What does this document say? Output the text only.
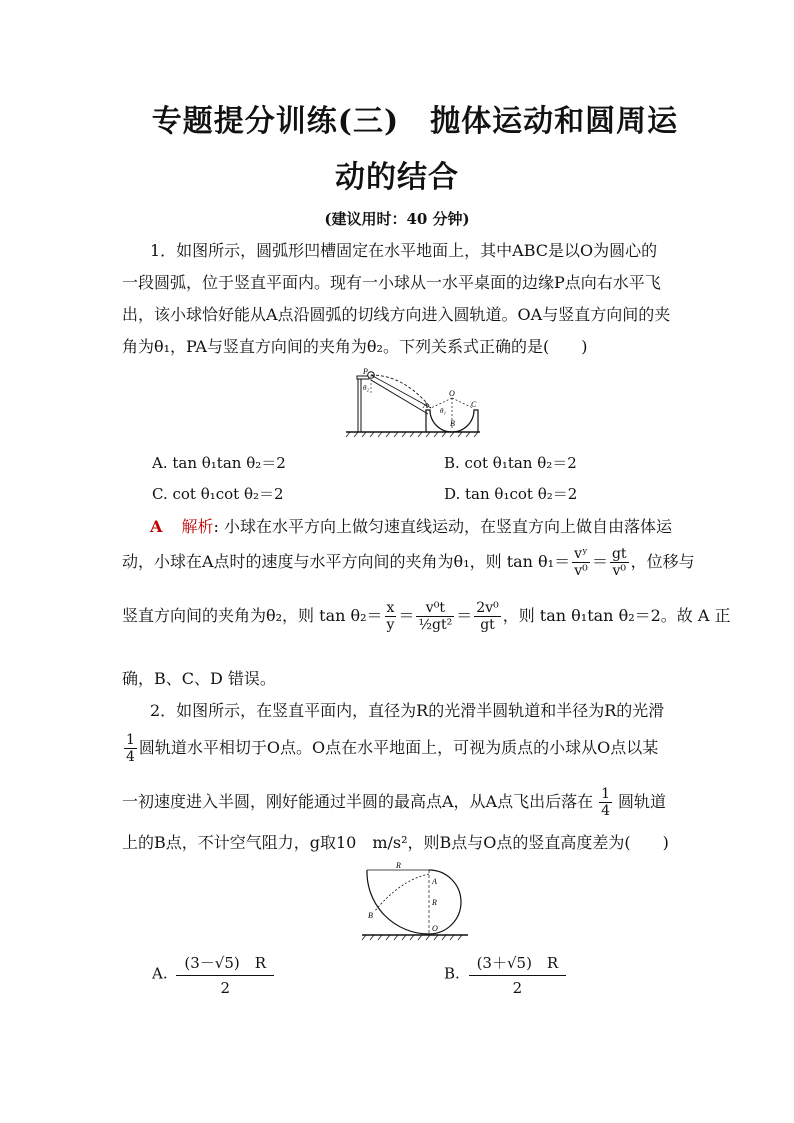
专题提分训练(三)　抛体运动和圆周运
动的结合
(建议用时：40 分钟)
1．如图所示，圆弧形凹槽固定在水平地面上，其中ABC是以O为圆心的
一段圆弧，位于竖直平面内。现有一小球从一水平桌面的边缘P点向右水平飞
出，该小球恰好能从A点沿圆弧的切线方向进入圆轨道。OA与竖直方向间的夹
角为θ₁，PA与竖直方向间的夹角为θ₂。下列关系式正确的是(　　)
P
θ₂
O
A
θ₁
B
C
A. tan θ₁tan θ₂＝2	B. cot θ₁tan θ₂＝2
C. cot θ₁cot θ₂＝2	D. tan θ₁cot θ₂＝2
A 解析: 小球在水平方向上做匀速直线运动，在竖直方向上做自由落体运
动，小球在A点时的速度与水平方向间的夹角为θ₁，则 $\tan \theta_1= \frac{\text{vʸ}}{\text{v⁰}} = \frac{gt}{\text{v⁰}}$ ，位移与
竖直方向间的夹角为θ₂，则 $\tan \theta_2= \frac{x}{y} = \frac{\text{v⁰t}}{\text{½gt²}} = \frac{\text{2v⁰}}{gt}$ ，则 tan θ₁tan θ₂＝2。故 A 正
确，B、C、D 错误。
2．如图所示，在竖直平面内，直径为R的光滑半圆轨道和半径为R的光滑
$\frac{1}{4}$ 圆轨道水平相切于O点。O点在水平地面上，可视为质点的小球从O点以某
一初速度进入半圆，刚好能通过半圆的最高点A，从A点飞出后落在 $\frac{1}{4}$ 圆轨道
上的B点，不计空气阻力，g取10　m/s²，则B点与O点的竖直高度差为(　　)
R
A
R
B
O
A. $\frac{(3-√5) R}{2}$	B. $\frac{(3+√5) R}{2}$
